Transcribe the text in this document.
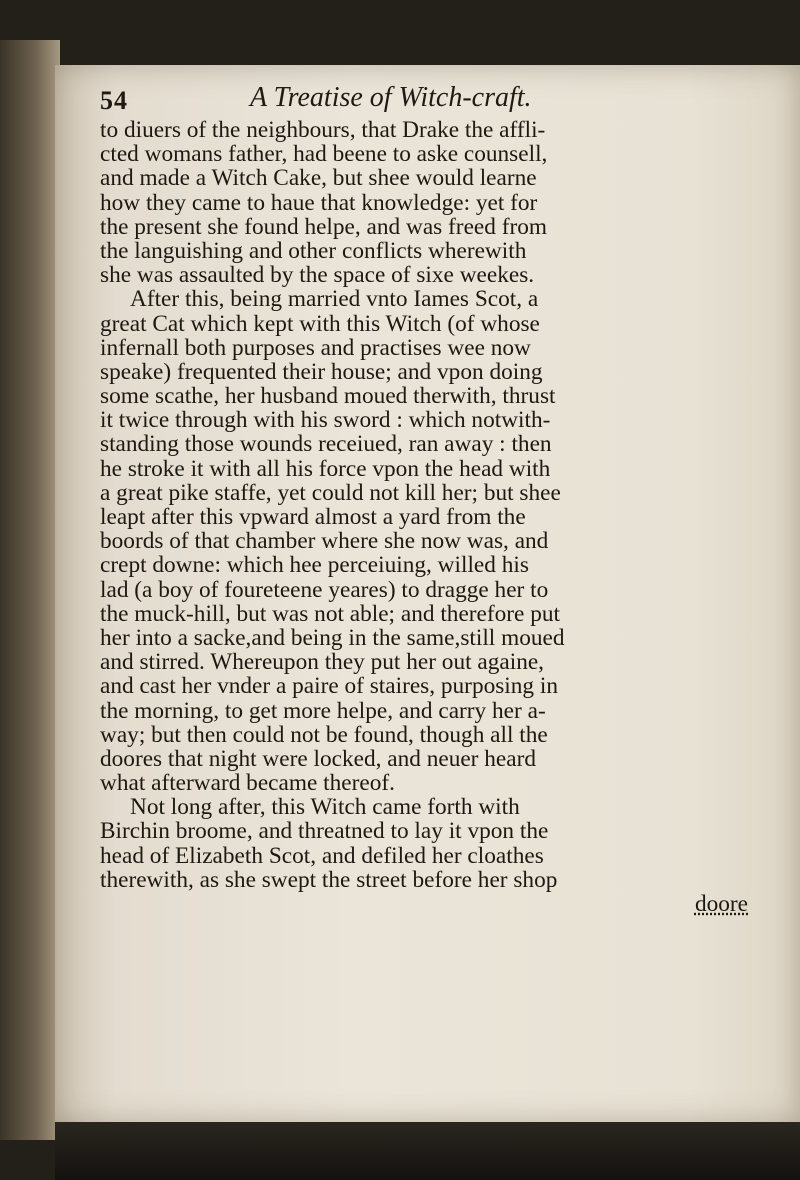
54	A Treatise of Witch-craft.
to diuers of the neighbours, that Drake the affli-
cted womans father, had beene to aske counsell,
and made a Witch Cake, but shee would learne
how they came to haue that knowledge: yet for
the present she found helpe, and was freed from
the languishing and other conflicts wherewith
she was assaulted by the space of sixe weekes.
After this, being married vnto Iames Scot, a
great Cat which kept with this Witch (of whose
infernall both purposes and practises wee now
speake) frequented their house; and vpon doing
some scathe, her husband moued therwith, thrust
it twice through with his sword : which notwith-
standing those wounds receiued, ran away : then
he stroke it with all his force vpon the head with
a great pike staffe, yet could not kill her; but shee
leapt after this vpward almost a yard from the
boords of that chamber where she now was, and
crept downe: which hee perceiuing, willed his
lad (a boy of foureteene yeares) to dragge her to
the muck-hill, but was not able; and therefore put
her into a sacke,and being in the same,still moued
and stirred. Whereupon they put her out againe,
and cast her vnder a paire of staires, purposing in
the morning, to get more helpe, and carry her a-
way; but then could not be found, though all the
doores that night were locked, and neuer heard
what afterward became thereof.
Not long after, this Witch came forth with
Birchin broome, and threatned to lay it vpon the
head of Elizabeth Scot, and defiled her cloathes
therewith, as she swept the street before her shop
doore
